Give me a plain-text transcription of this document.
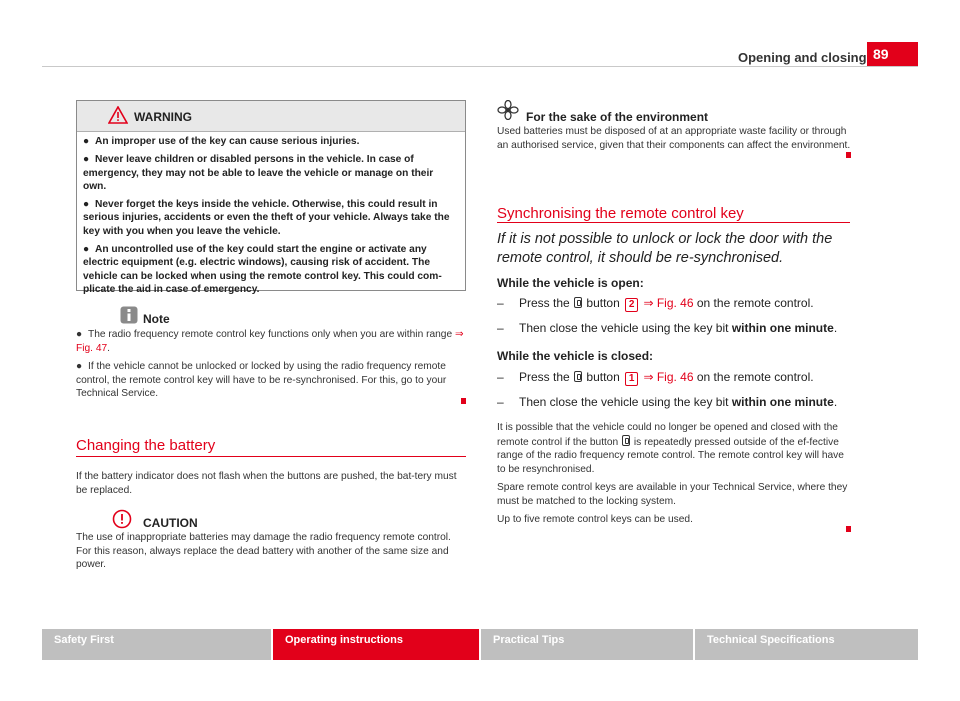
Opening and closing 89
WARNING

● An improper use of the key can cause serious injuries.

● Never leave children or disabled persons in the vehicle. In case of emergency, they may not be able to leave the vehicle or manage on their own.

● Never forget the keys inside the vehicle. Otherwise, this could result in serious injuries, accidents or even the theft of your vehicle. Always take the key with you when you leave the vehicle.

● An uncontrolled use of the key could start the engine or activate any electric equipment (e.g. electric windows), causing risk of accident. The vehicle can be locked when using the remote control key. This could com-plicate the aid in case of emergency.

Note

● The radio frequency remote control key functions only when you are within range ⇒ Fig. 47.

● If the vehicle cannot be unlocked or locked by using the radio frequency remote control, the remote control key will have to be re-synchronised. For this, go to your Technical Service.

Changing the battery
If the battery indicator does not flash when the buttons are pushed, the bat-tery must be replaced.
CAUTION
The use of inappropriate batteries may damage the radio frequency remote control. For this reason, always replace the dead battery with another of the same size and power.
For the sake of the environment
Used batteries must be disposed of at an appropriate waste facility or through an authorised service, given that their components can affect the environment.
Synchronising the remote control key
If it is not possible to unlock or lock the door with the remote control, it should be re-synchronised.
While the vehicle is open:
– Press the button 2 ⇒ Fig. 46 on the remote control.
– Then close the vehicle using the key bit within one minute.
While the vehicle is closed:
– Press the button 1 ⇒ Fig. 46 on the remote control.
– Then close the vehicle using the key bit within one minute.

It is possible that the vehicle could no longer be opened and closed with the remote control if the button is repeatedly pressed outside of the ef-fective range of the radio frequency remote control. The remote control key will have to be resynchronised.

Spare remote control keys are available in your Technical Service, where they must be matched to the locking system.

Up to five remote control keys can be used.

Safety First	Operating instructions	Practical Tips	Technical Specifications
